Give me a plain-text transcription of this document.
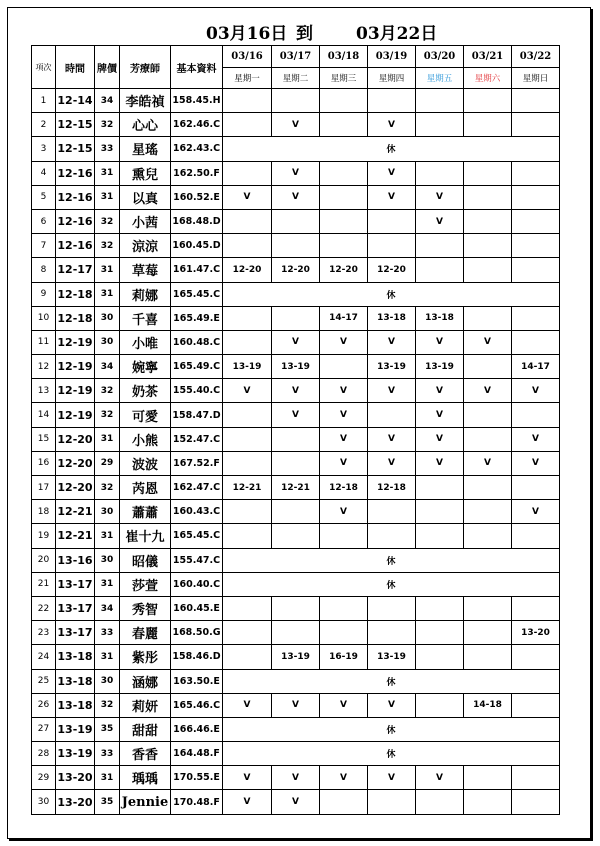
03月16日

到

	03月22日

項次	時間	牌價	芳療師	基本資料	03/16	03/17	03/18	03/19	03/20	03/21	03/22
					星期一	星期二	星期三	星期四	星期五	星期六	星期日
1	12-14	34	李皓禎	158.45.H							
2	12-15	32	心心	162.46.C		V		V			
3	12-15	33	星瑤	162.43.C	休						
4	12-16	31	熏兒	162.50.F		V		V			
5	12-16	31	以真	160.52.E	V	V		V	V		
6	12-16	32	小茜	168.48.D					V		
7	12-16	32	涼涼	160.45.D							
8	12-17	31	草莓	161.47.C	12-20	12-20	12-20	12-20			
9	12-18	31	莉娜	165.45.C	休						
10	12-18	30	千喜	165.49.E			14-17	13-18	13-18		
11	12-19	30	小唯	160.48.C		V	V	V	V	V	
12	12-19	34	婉寧	165.49.C	13-19	13-19		13-19	13-19		14-17
13	12-19	32	奶茶	155.40.C	V	V	V	V	V	V	V
14	12-19	32	可愛	158.47.D		V	V		V		
15	12-20	31	小熊	152.47.C			V	V	V		V
16	12-20	29	波波	167.52.F			V	V	V	V	V
17	12-20	32	芮恩	162.47.C	12-21	12-21	12-18	12-18			
18	12-21	30	蕭蕭	160.43.C			V				V
19	12-21	31	崔十九	165.45.C							
20	13-16	30	昭儀	155.47.C	休						
21	13-17	31	莎萱	160.40.C	休						
22	13-17	34	秀智	160.45.E							
23	13-17	33	春麗	168.50.G							13-20
24	13-18	31	紫彤	158.46.D		13-19	16-19	13-19			
25	13-18	30	涵娜	163.50.E	休						
26	13-18	32	莉妍	165.46.C	V	V	V	V		14-18	
27	13-19	35	甜甜	166.46.E	休						
28	13-19	33	香香	164.48.F	休						
29	13-20	31	瑀瑀	170.55.E	V	V	V	V	V		
30	13-20	35	Jennie	170.48.F	V	V					
